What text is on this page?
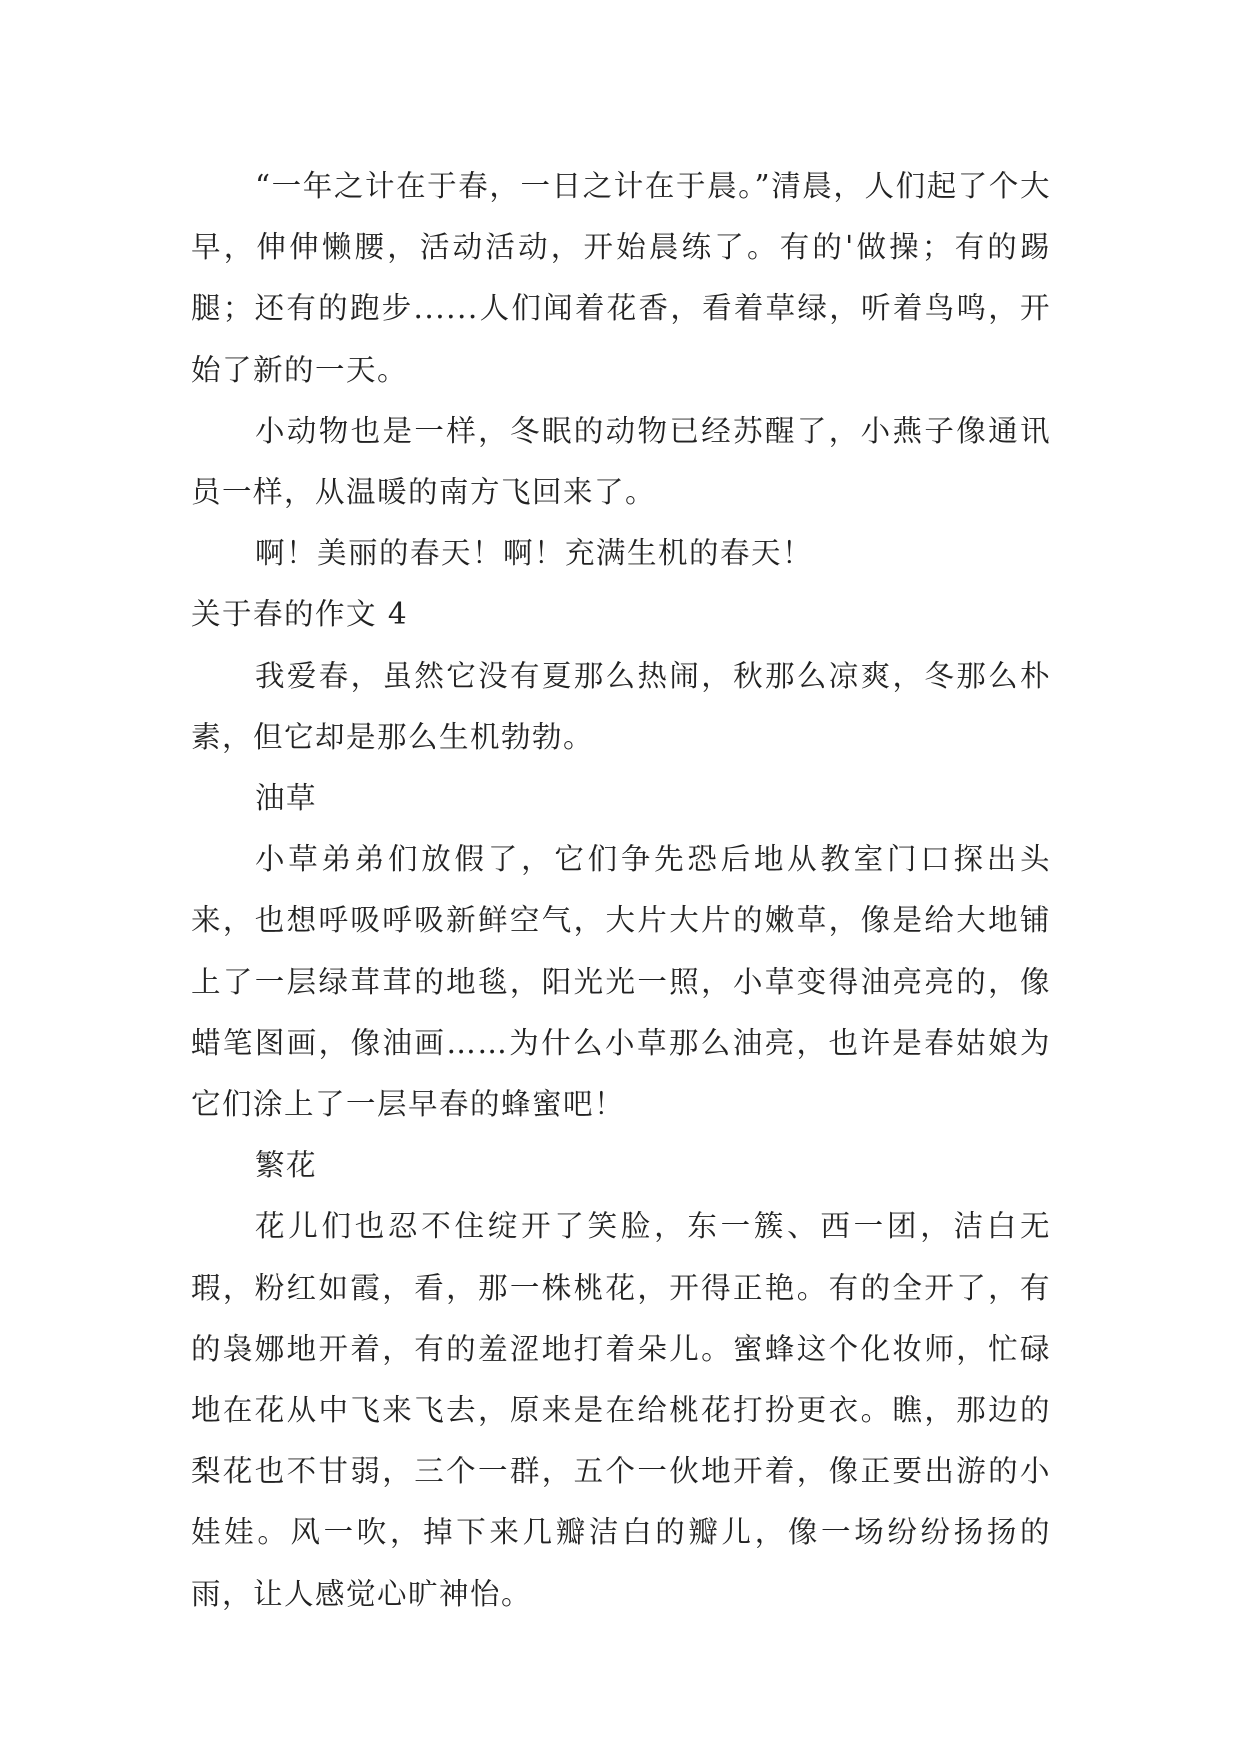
“一年之计在于春，一日之计在于晨。”清晨，人们起了个大早，伸伸懒腰，活动活动，开始晨练了。有的'做操；有的踢腿；还有的跑步......人们闻着花香，看着草绿，听着鸟鸣，开始了新的一天。

小动物也是一样，冬眠的动物已经苏醒了，小燕子像通讯员一样，从温暖的南方飞回来了。

啊！美丽的春天！啊！充满生机的春天！

关于春的作文 4

我爱春，虽然它没有夏那么热闹，秋那么凉爽，冬那么朴素，但它却是那么生机勃勃。

油草

小草弟弟们放假了，它们争先恐后地从教室门口探出头来，也想呼吸呼吸新鲜空气，大片大片的嫩草，像是给大地铺上了一层绿茸茸的地毯，阳光光一照，小草变得油亮亮的，像蜡笔图画，像油画……为什么小草那么油亮，也许是春姑娘为它们涂上了一层早春的蜂蜜吧！

繁花

花儿们也忍不住绽开了笑脸，东一簇、西一团，洁白无瑕，粉红如霞，看，那一株桃花，开得正艳。有的全开了，有的袅娜地开着，有的羞涩地打着朵儿。蜜蜂这个化妆师，忙碌地在花从中飞来飞去，原来是在给桃花打扮更衣。瞧，那边的梨花也不甘弱，三个一群，五个一伙地开着，像正要出游的小娃娃。风一吹，掉下来几瓣洁白的瓣儿，像一场纷纷扬扬的雨，让人感觉心旷神怡。
